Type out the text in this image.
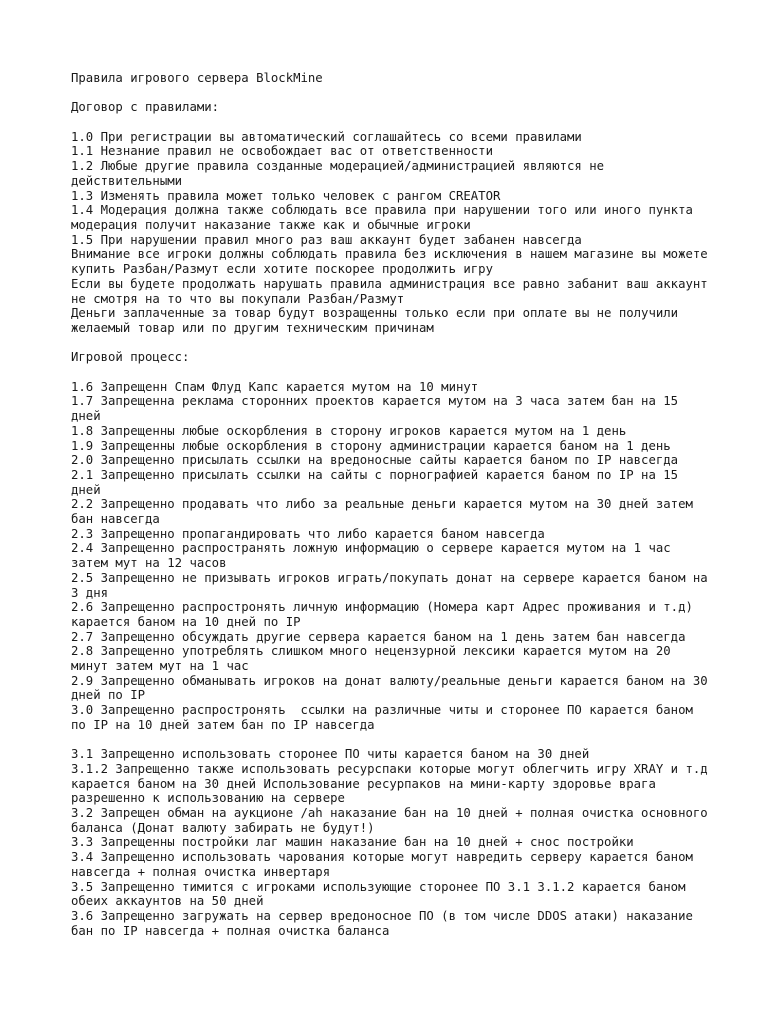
Правила игрового сервера BlockMine

Договор с правилами:

1.0 При регистрации вы автоматический соглашайтесь со всеми правилами

1.1 Незнание правил не освобождает вас от ответственности

1.2 Любые другие правила созданные модерацией/администрацией являются не действительными

1.3 Изменять правила может только человек с рангом CREATOR

1.4 Модерация должна также соблюдать все правила при нарушении того или иного пункта модерация получит наказание также как и обычные игроки

1.5 При нарушении правил много раз ваш аккаунт будет забанен навсегда

Внимание все игроки должны соблюдать правила без исключения в нашем магазине вы можете купить Разбан/Размут если хотите поскорее продолжить игру

Если вы будете продолжать нарушать правила администрация все равно забанит ваш аккаунт не смотря на то что вы покупали Разбан/Размут

Деньги заплаченные за товар будут возращенны только если при оплате вы не получили желаемый товар или по другим техническим причинам

Игровой процесс:

1.6 Запрещенн Спам Флуд Капс карается мутом на 10 минут

1.7 Запрещенна реклама сторонних проектов карается мутом на 3 часа затем бан на 15 дней

1.8 Запрещенны любые оскорбления в сторону игроков карается мутом на 1 день

1.9 Запрещенны любые оскорбления в сторону администрации карается баном на 1 день

2.0 Запрещенно присылать ссылки на вредоносные сайты карается баном по IP навсегда

2.1 Запрещенно присылать ссылки на сайты с порнографией карается баном по IP на 15 дней

2.2 Запрещенно продавать что либо за реальные деньги карается мутом на 30 дней затем бан навсегда

2.3 Запрещенно пропагандировать что либо карается баном навсегда

2.4 Запрещенно распространять ложную информацию о сервере карается мутом на 1 час затем мут на 12 часов

2.5 Запрещенно не призывать игроков играть/покупать донат на сервере карается баном на 3 дня

2.6 Запрещенно распростронять личную информацию (Номера карт Адрес проживания и т.д) карается баном на 10 дней по IP

2.7 Запрещенно обсуждать другие сервера карается баном на 1 день затем бан навсегда

2.8 Запрещенно употреблять слишком много нецензурной лексики карается мутом на 20 минут затем мут на 1 час

2.9 Запрещенно обманывать игроков на донат валюту/реальные деньги карается баном на 30 дней по IP

3.0 Запрещенно распростронять  ссылки на различные читы и сторонее ПО карается баном по IP на 10 дней затем бан по IP навсегда

3.1 Запрещенно использовать сторонее ПО читы карается баном на 30 дней

3.1.2 Запрещенно также использовать ресурспаки которые могут облегчить игру XRAY и т.д карается баном на 30 дней Использование ресурпаков на мини-карту здоровье врага разрешенно к использованию на сервере

3.2 Запрещен обман на аукционе /ah наказание бан на 10 дней + полная очистка основного баланса (Донат валюту забирать не будут!)

3.3 Запрещенны постройки лаг машин наказание бан на 10 дней + снос постройки

3.4 Запрещенно использовать чарования которые могут навредить серверу карается баном навсегда + полная очистка инвертаря

3.5 Запрещенно тимится с игроками использующие сторонее ПО 3.1 3.1.2 карается баном обеих аккаунтов на 50 дней

3.6 Запрещенно загружать на сервер вредоносное ПО (в том числе DDOS атаки) наказание бан по IP навсегда + полная очистка баланса
